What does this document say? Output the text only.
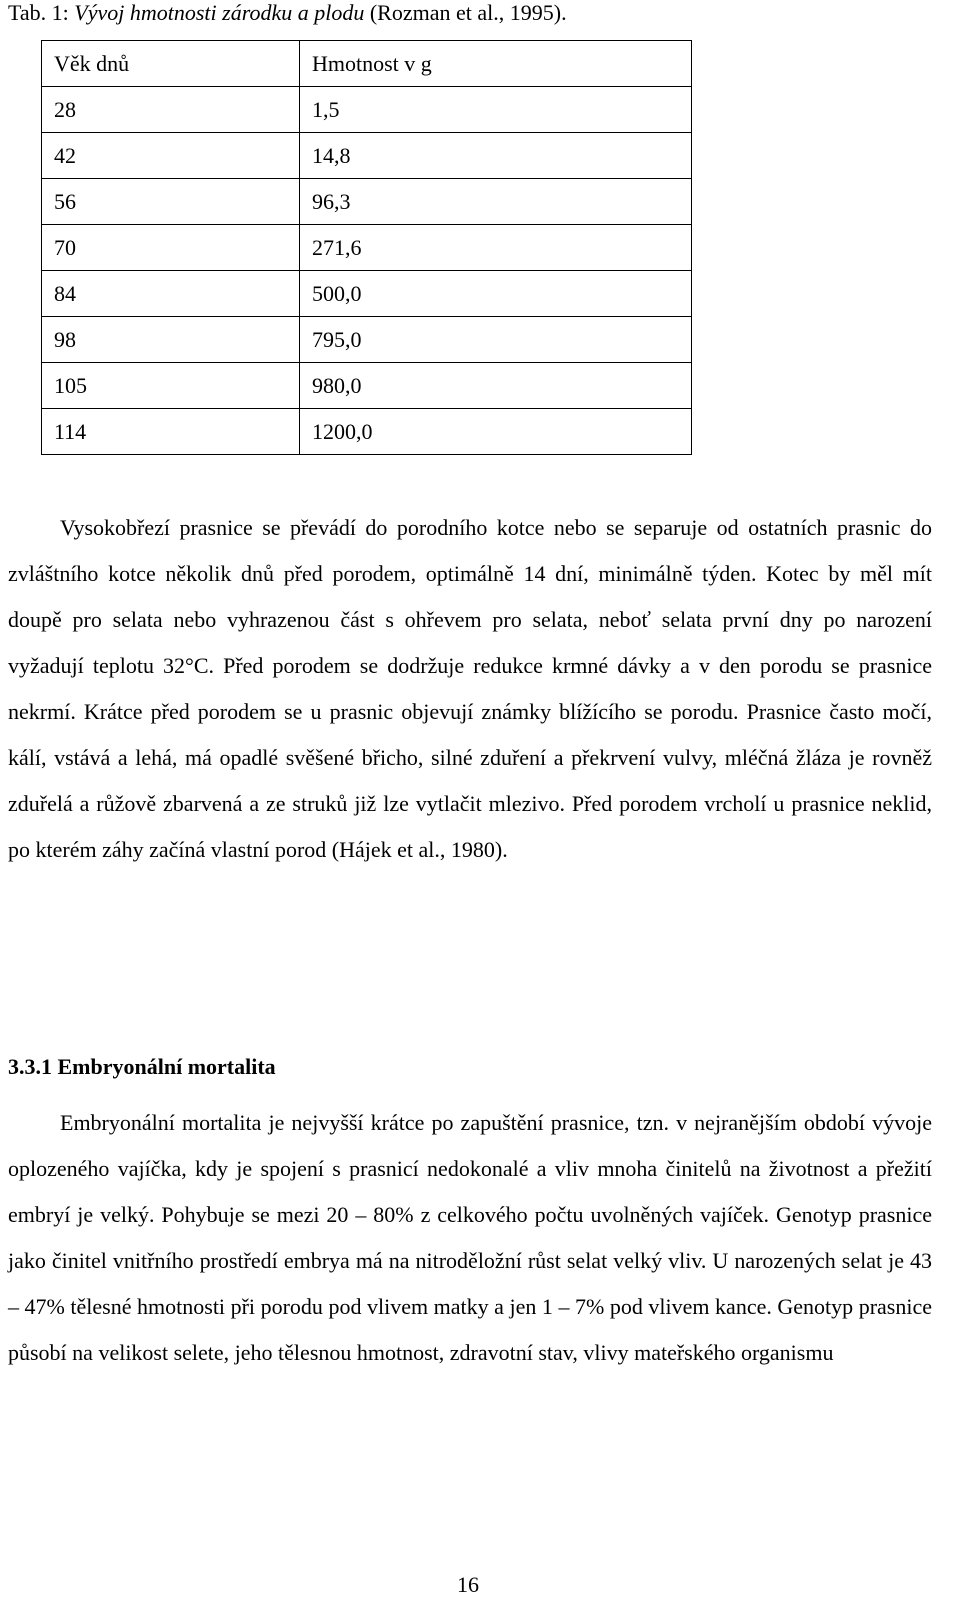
Tab. 1: Vývoj hmotnosti zárodku a plodu (Rozman et al., 1995).
Věk dnů	Hmotnost v g
28	1,5
42	14,8
56	96,3
70	271,6
84	500,0
98	795,0
105	980,0
114	1200,0

Vysokobřezí prasnice se převádí do porodního kotce nebo se separuje od ostatních prasnic do zvláštního kotce několik dnů před porodem, optimálně 14 dní, minimálně týden. Kotec by měl mít doupě pro selata nebo vyhrazenou část s ohřevem pro selata, neboť selata první dny po narození vyžadují teplotu 32°C. Před porodem se dodržuje redukce krmné dávky a v den porodu se prasnice nekrmí. Krátce před porodem se u prasnic objevují známky blížícího se porodu. Prasnice často močí, kálí, vstává a lehá, má opadlé svěšené břicho, silné zduření a překrvení vulvy, mléčná žláza je rovněž zduřelá a růžově zbarvená a ze struků již lze vytlačit mlezivo. Před porodem vrcholí u prasnice neklid, po kterém záhy začíná vlastní porod (Hájek et al., 1980).

3.3.1 Embryonální mortalita

Embryonální mortalita je nejvyšší krátce po zapuštění prasnice, tzn. v nejranějším období vývoje oplozeného vajíčka, kdy je spojení s prasnicí nedokonalé a vliv mnoha činitelů na životnost a přežití embryí je velký. Pohybuje se mezi 20 – 80% z celkového počtu uvolněných vajíček. Genotyp prasnice jako činitel vnitřního prostředí embrya má na nitroděložní růst selat velký vliv. U narozených selat je 43 – 47% tělesné hmotnosti při porodu pod vlivem matky a jen 1 – 7% pod vlivem kance. Genotyp prasnice působí na velikost selete, jeho tělesnou hmotnost, zdravotní stav, vlivy mateřského organismu

16
